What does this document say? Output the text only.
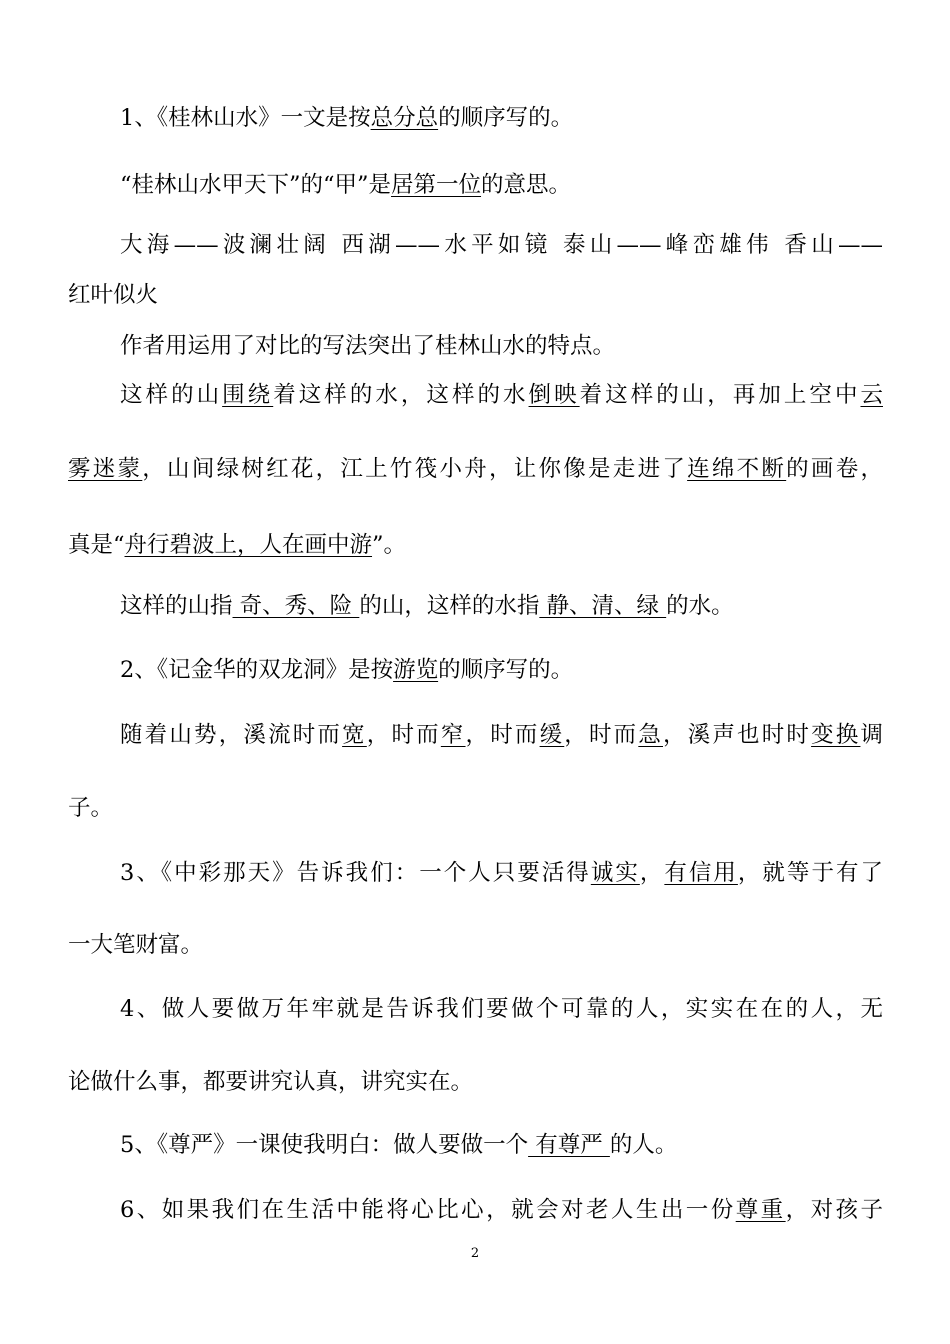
1、《桂林山水》一文是按总分总的顺序写的。

“桂林山水甲天下”的“甲”是居第一位的意思。

大海——波澜壮阔 西湖——水平如镜 泰山——峰峦雄伟 香山——

红叶似火

作者用运用了对比的写法突出了桂林山水的特点。

这样的山围绕着这样的水，这样的水倒映着这样的山，再加上空中云

雾迷蒙，山间绿树红花，江上竹筏小舟，让你像是走进了连绵不断的画卷，

真是“舟行碧波上，人在画中游”。

这样的山指 奇、秀、险 的山，这样的水指 静、清、绿 的水。

2、《记金华的双龙洞》是按游览的顺序写的。

随着山势，溪流时而宽，时而窄，时而缓，时而急，溪声也时时变换调

子。

3、《中彩那天》告诉我们：一个人只要活得诚实，有信用，就等于有了

一大笔财富。

4、做人要做万年牢就是告诉我们要做个可靠的人，实实在在的人，无

论做什么事，都要讲究认真，讲究实在。

5、《尊严》一课使我明白：做人要做一个 有尊严 的人。

6、如果我们在生活中能将心比心，就会对老人生出一份尊重，对孩子

2
